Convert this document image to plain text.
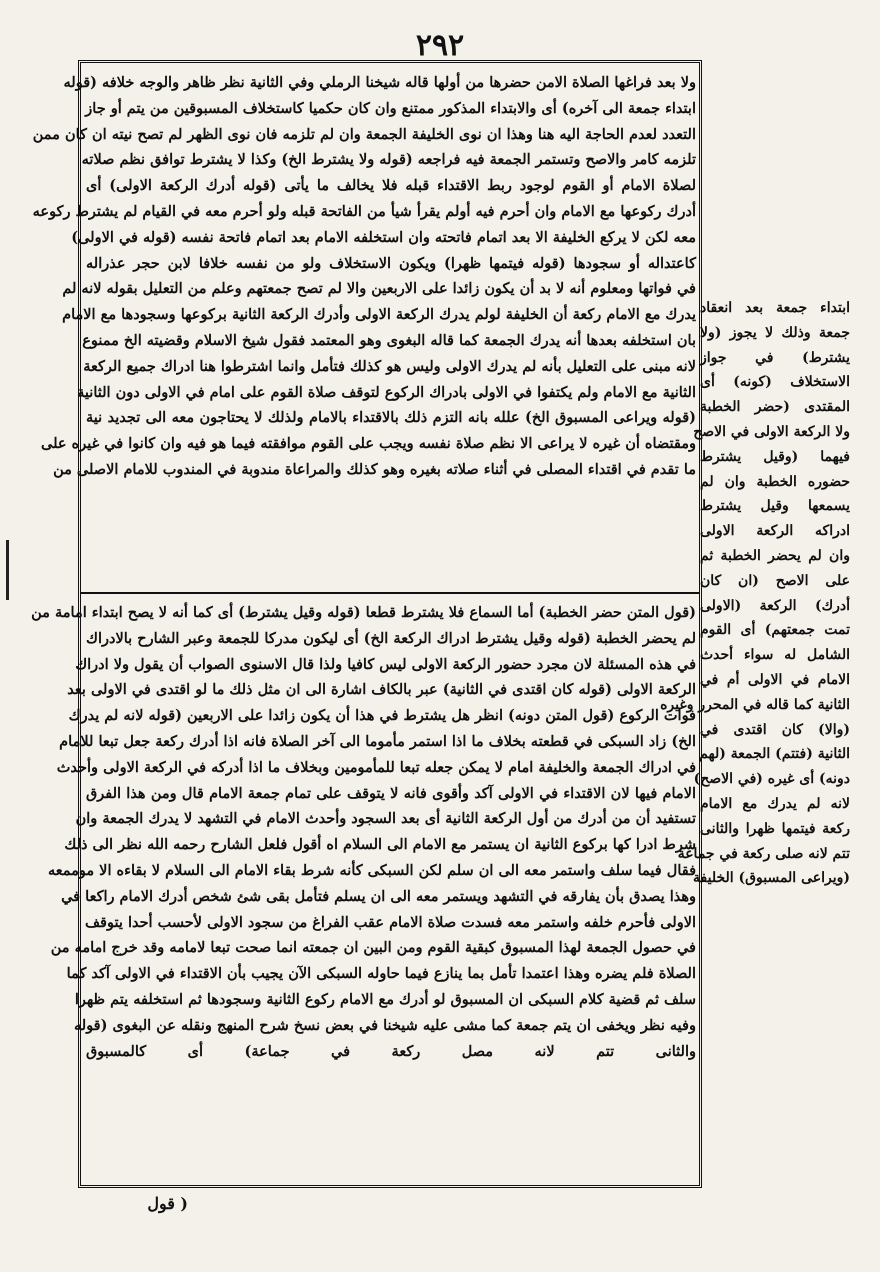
٢٩٢
ولا بعد فراغها الصلاة الامن حضرها من أولها قاله شيخنا الرملي وفي الثانية نظر ظاهر والوجه خلافه (قوله
ابتداء جمعة الى آخره) أى والابتداء المذكور ممتنع وان كان حكميا كاستخلاف المسبوقين من يتم أو جاز
التعدد لعدم الحاجة اليه هنا وهذا ان نوى الخليفة الجمعة وان لم تلزمه فان نوى الظهر لم تصح نيته ان كان ممن
تلزمه كامر والاصح وتستمر الجمعة فيه فراجعه (قوله ولا يشترط الخ) وكذا لا يشترط توافق نظم صلاته
لصلاة الامام أو القوم لوجود ربط الاقتداء قبله فلا يخالف ما يأتى (قوله أدرك الركعة الاولى) أى
أدرك ركوعها مع الامام وان أحرم فيه أولم يقرأ شيأ من الفاتحة قبله ولو أحرم معه في القيام لم يشترط ركوعه
معه لكن لا يركع الخليفة الا بعد اتمام فاتحته وان استخلفه الامام بعد اتمام فاتحة نفسه (قوله في الاولى)
كاعتداله أو سجودها (قوله فيتمها ظهرا) ويكون الاستخلاف ولو من نفسه خلافا لابن حجر عذراله
في فواتها ومعلوم أنه لا بد أن يكون زائدا على الاربعين والا لم تصح جمعتهم وعلم من التعليل بقوله لانه لم
يدرك مع الامام ركعة أن الخليفة لولم يدرك الركعة الاولى وأدرك الركعة الثانية بركوعها وسجودها مع الامام
بان استخلفه بعدها أنه يدرك الجمعة كما قاله البغوى وهو المعتمد فقول شيخ الاسلام وقضيته الخ ممنوع
لانه مبنى على التعليل بأنه لم يدرك الاولى وليس هو كذلك فتأمل وانما اشترطوا هنا ادراك جميع الركعة
الثانية مع الامام ولم يكتفوا في الاولى بادراك الركوع لتوقف صلاة القوم على امام في الاولى دون الثانية
(قوله ويراعى المسبوق الخ) علله بانه التزم ذلك بالاقتداء بالامام ولذلك لا يحتاجون معه الى تجديد نية
ومقتضاه أن غيره لا يراعى الا نظم صلاة نفسه ويجب على القوم موافقته فيما هو فيه وان كانوا في غيره على
ما تقدم في اقتداء المصلى في أثناء صلاته بغيره وهو كذلك والمراعاة مندوبة في المندوب للامام الاصلى من
(قول المتن حضر الخطبة) أما السماع فلا يشترط قطعا (قوله وقيل يشترط) أى كما أنه لا يصح ابتداء امامة من
لم يحضر الخطبة (قوله وقيل يشترط ادراك الركعة الخ) أى ليكون مدركا للجمعة وعبر الشارح بالادراك
في هذه المسئلة لان مجرد حضور الركعة الاولى ليس كافيا ولذا قال الاسنوى الصواب أن يقول ولا ادراك
الركعة الاولى (قوله كان اقتدى في الثانية) عبر بالكاف اشارة الى ان مثل ذلك ما لو اقتدى في الاولى بعد
فوات الركوع (قول المتن دونه) انظر هل يشترط في هذا أن يكون زائدا على الاربعين (قوله لانه لم يدرك
الخ) زاد السبكى في قطعته بخلاف ما اذا استمر مأموما الى آخر الصلاة فانه اذا أدرك ركعة جعل تبعا للامام
في ادراك الجمعة والخليفة امام لا يمكن جعله تبعا للمأمومين وبخلاف ما اذا أدركه في الركعة الاولى وأحدث
الامام فيها لان الاقتداء في الاولى آكد وأقوى فانه لا يتوقف على تمام جمعة الامام قال ومن هذا الفرق
تستفيد أن من أدرك من أول الركعة الثانية أى بعد السجود وأحدث الامام في التشهد لا يدرك الجمعة وان
شرط ادرا كها بركوع الثانية ان يستمر مع الامام الى السلام اه أقول فلعل الشارح رحمه الله نظر الى ذلك
فقال فيما سلف واستمر معه الى ان سلم لكن السبكى كأنه شرط بقاء الامام الى السلام لا بقاءه الا موممعه
وهذا يصدق بأن يفارقه في التشهد ويستمر معه الى ان يسلم فتأمل بقى شئ شخص أدرك الامام راكعا في
الاولى فأحرم خلفه واستمر معه فسدت صلاة الامام عقب الفراغ من سجود الاولى لأحسب أحدا يتوقف
في حصول الجمعة لهذا المسبوق كبقية القوم ومن البين ان جمعته انما صحت تبعا لامامه وقد خرج امامه من
الصلاة فلم يضره وهذا اعتمدا تأمل بما ينازع فيما حاوله السبكى الآن يجيب بأن الاقتداء في الاولى آكد كما
سلف ثم قضية كلام السبكى ان المسبوق لو أدرك مع الامام ركوع الثانية وسجودها ثم استخلفه يتم ظهرا
وفيه نظر ويخفى ان يتم جمعة كما مشى عليه شيخنا في بعض نسخ شرح المنهج ونقله عن البغوى (قوله
والثانى تتم لانه مصل ركعة في جماعة) أى كالمسبوق
ابتداء جمعة بعد انعقاد
جمعة وذلك لا يجوز (ولا
يشترط) في جواز
الاستخلاف (كونه) أى
المقتدى (حضر الخطبة
ولا الركعة الاولى في الاصح
فيهما (وقيل يشترط
حضوره الخطبة وان لم
يسمعها وقيل يشترط
ادراكه الركعة الاولى
وان لم يحضر الخطبة ثم
على الاصح (ان كان
أدرك) الركعة (الاولى
تمت جمعتهم) أى القوم
الشامل له سواء أحدث
الامام في الاولى أم في
الثانية كما قاله في المحرر وغيره
(والا) كان اقتدى في
الثانية (فتتم) الجمعة (لهم
دونه) أى غيره (في الاصح)
لانه لم يدرك مع الامام
ركعة فيتمها ظهرا والثانى
تتم لانه صلى ركعة في جماعة
(ويراعى المسبوق) الخليفة
( قول
